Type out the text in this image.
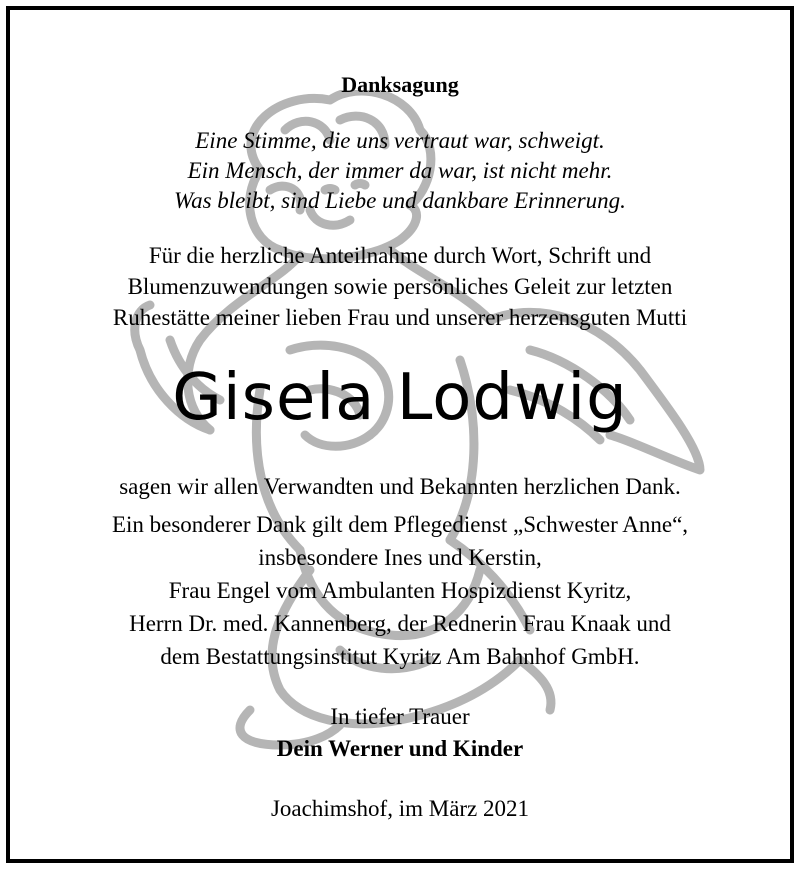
Danksagung
Eine Stimme, die uns vertraut war, schweigt.
Ein Mensch, der immer da war, ist nicht mehr.
Was bleibt, sind Liebe und dankbare Erinnerung.
Für die herzliche Anteilnahme durch Wort, Schrift und
Blumenzuwendungen sowie persönliches Geleit zur letzten
Ruhestätte meiner lieben Frau und unserer herzensguten Mutti
Gisela Lodwig
sagen wir allen Verwandten und Bekannten herzlichen Dank.
Ein besonderer Dank gilt dem Pflegedienst „Schwester Anne“,
insbesondere Ines und Kerstin,
Frau Engel vom Ambulanten Hospizdienst Kyritz,
Herrn Dr. med. Kannenberg, der Rednerin Frau Knaak und
dem Bestattungsinstitut Kyritz Am Bahnhof GmbH.
In tiefer Trauer
Dein Werner und Kinder
Joachimshof, im März 2021
